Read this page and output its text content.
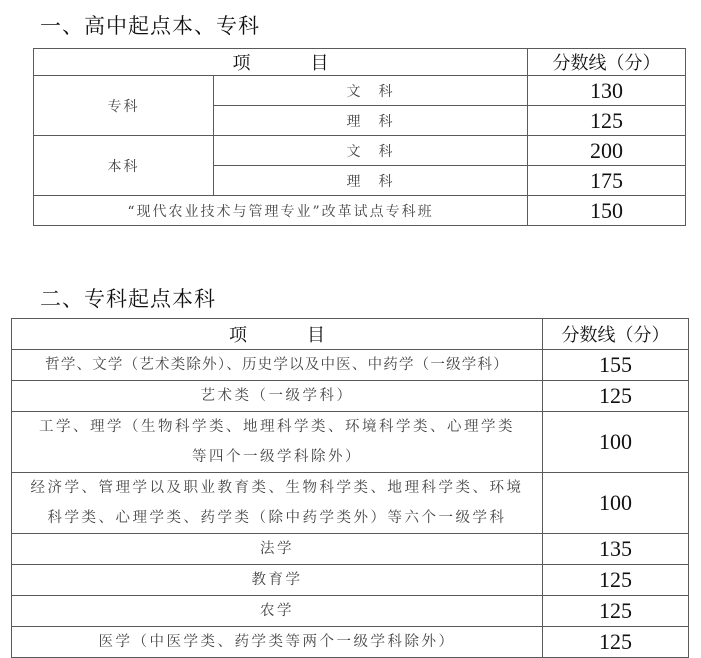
一、高中起点本、专科
项目		分数线（分）
专科	文　科	130
	理　科	125
本科	文　科	200
	理　科	175
“现代农业技术与管理专业”改革试点专科班		150
二、专科起点本科
项目	分数线（分）
哲学、文学（艺术类除外）、历史学以及中医、中药学（一级学科）	155
艺术类（一级学科）	125
工学、理学（生物科学类、地理科学类、环境科学类、心理学类等四个一级学科除外）	100
经济学、管理学以及职业教育类、生物科学类、地理科学类、环境科学类、心理学类、药学类（除中药学类外）等六个一级学科	100
法学	135
教育学	125
农学	125
医学（中医学类、药学类等两个一级学科除外）	125
